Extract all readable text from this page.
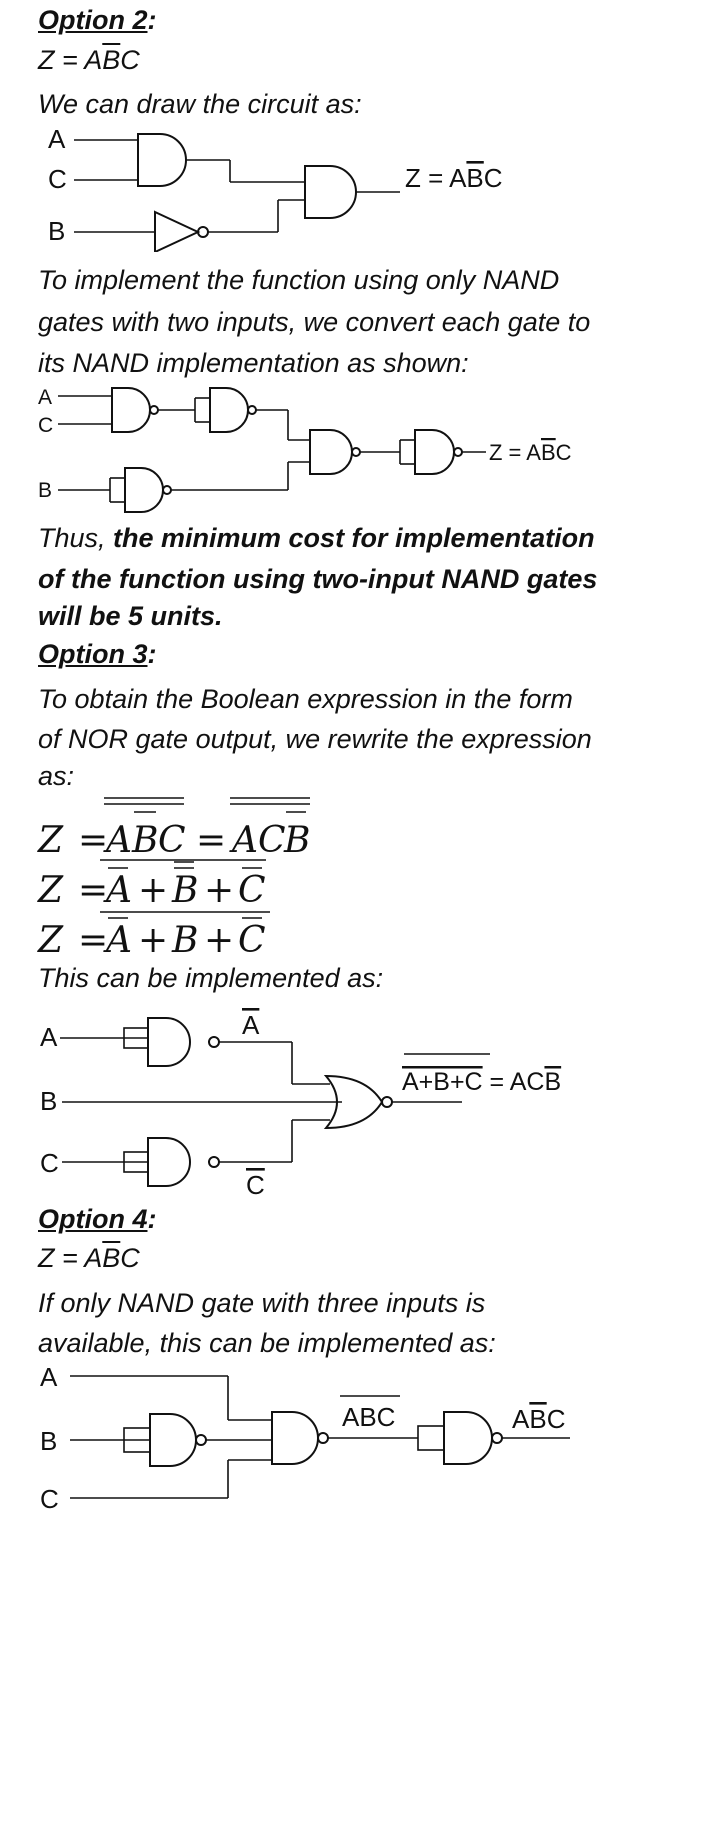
Option 2:
$Z = A\overline{B}C$
We can draw the circuit as:
A
C
B
Z = ABC
To implement the function using only NAND
gates with two inputs, we convert each gate to
its NAND implementation as shown:
A
C
B
Z = ABC
Thus, the minimum cost for implementation
of the function using two-input NAND gates
will be 5 units.
Option 3:
To obtain the Boolean expression in the form
of NOR gate output, we rewrite the expression
as:
Z =
A B C = AC
B
Z =
A + B + C
Z =
A + B + C
This can be implemented as:
A
B
C
A
C
A+B+C = ACB
Option 4:
$Z = A\overline{B}C$
If only NAND gate with three inputs is
available, this can be implemented as:
A
B
C
ABC	ABC
